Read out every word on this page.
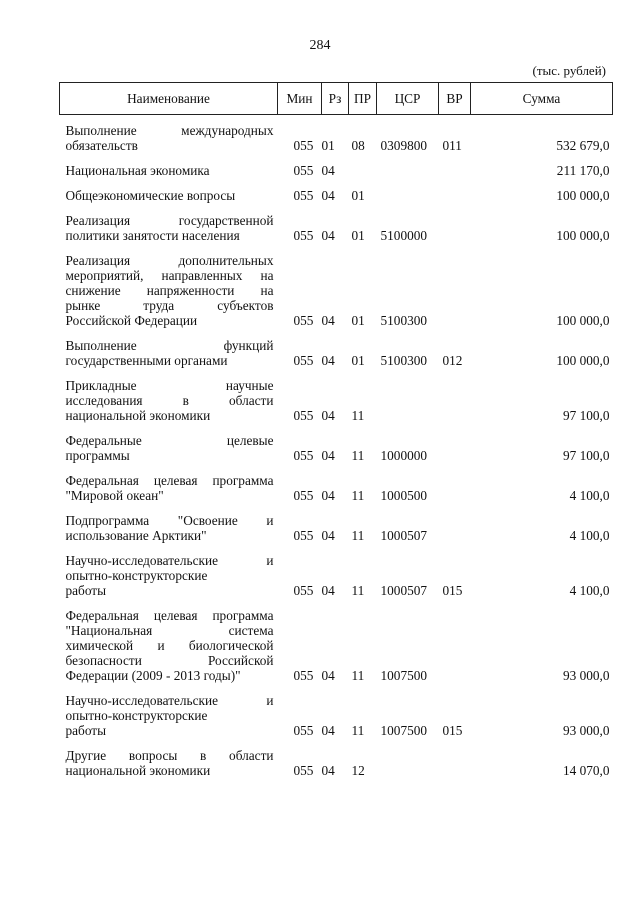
284
(тыс. рублей)
Наименование	Мин	Рз	ПР	ЦСР	ВР	Сумма

Выполнение международных
обязательств	055	01	08	0309800	011	532 679,0

Национальная экономика	055	04				211 170,0

Общеэкономические вопросы	055	04	01			100 000,0

Реализация государственной
политики занятости населения	055	04	01	5100000		100 000,0

Реализация дополнительных
мероприятий, направленных на
снижение напряженности на
рынке труда субъектов
Российской Федерации	055	04	01	5100300		100 000,0

Выполнение функций
государственными органами	055	04	01	5100300	012	100 000,0

Прикладные научные
исследования в области
национальной экономики	055	04	11			97 100,0

Федеральные целевые
программы	055	04	11	1000000		97 100,0

Федеральная целевая программа
"Мировой океан"	055	04	11	1000500		4 100,0

Подпрограмма "Освоение и
использование Арктики"	055	04	11	1000507		4 100,0

Научно-исследовательские и
опытно-конструкторские
работы	055	04	11	1000507	015	4 100,0

Федеральная целевая программа
"Национальная система
химической и биологической
безопасности Российской
Федерации (2009 - 2013 годы)"	055	04	11	1007500		93 000,0

Научно-исследовательские и
опытно-конструкторские
работы	055	04	11	1007500	015	93 000,0

Другие вопросы в области
национальной экономики	055	04	12			14 070,0
